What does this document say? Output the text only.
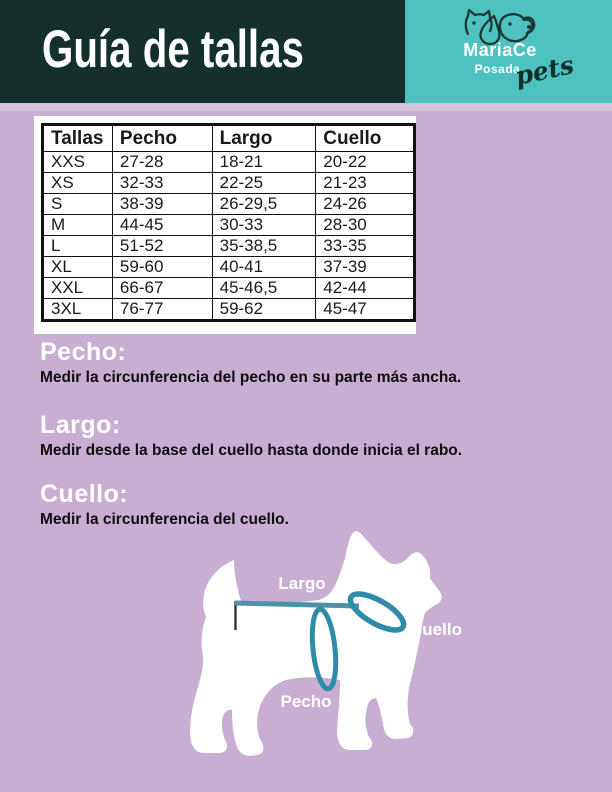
Guía de tallas	MariaCe
Posada
pets
Tallas	Pecho	Largo	Cuello
XXS	27-28	18-21	20-22
XS	32-33	22-25	21-23
S	38-39	26-29,5	24-26
M	44-45	30-33	28-30
L	51-52	35-38,5	33-35
XL	59-60	40-41	37-39
XXL	66-67	45-46,5	42-44
3XL	76-77	59-62	45-47
Pecho:

Medir la circunferencia del pecho en su parte más ancha.

Largo:

Medir desde la base del cuello hasta donde inicia el rabo.

Cuello:

Medir la circunferencia del cuello.

Largo
Cuello
Pecho
